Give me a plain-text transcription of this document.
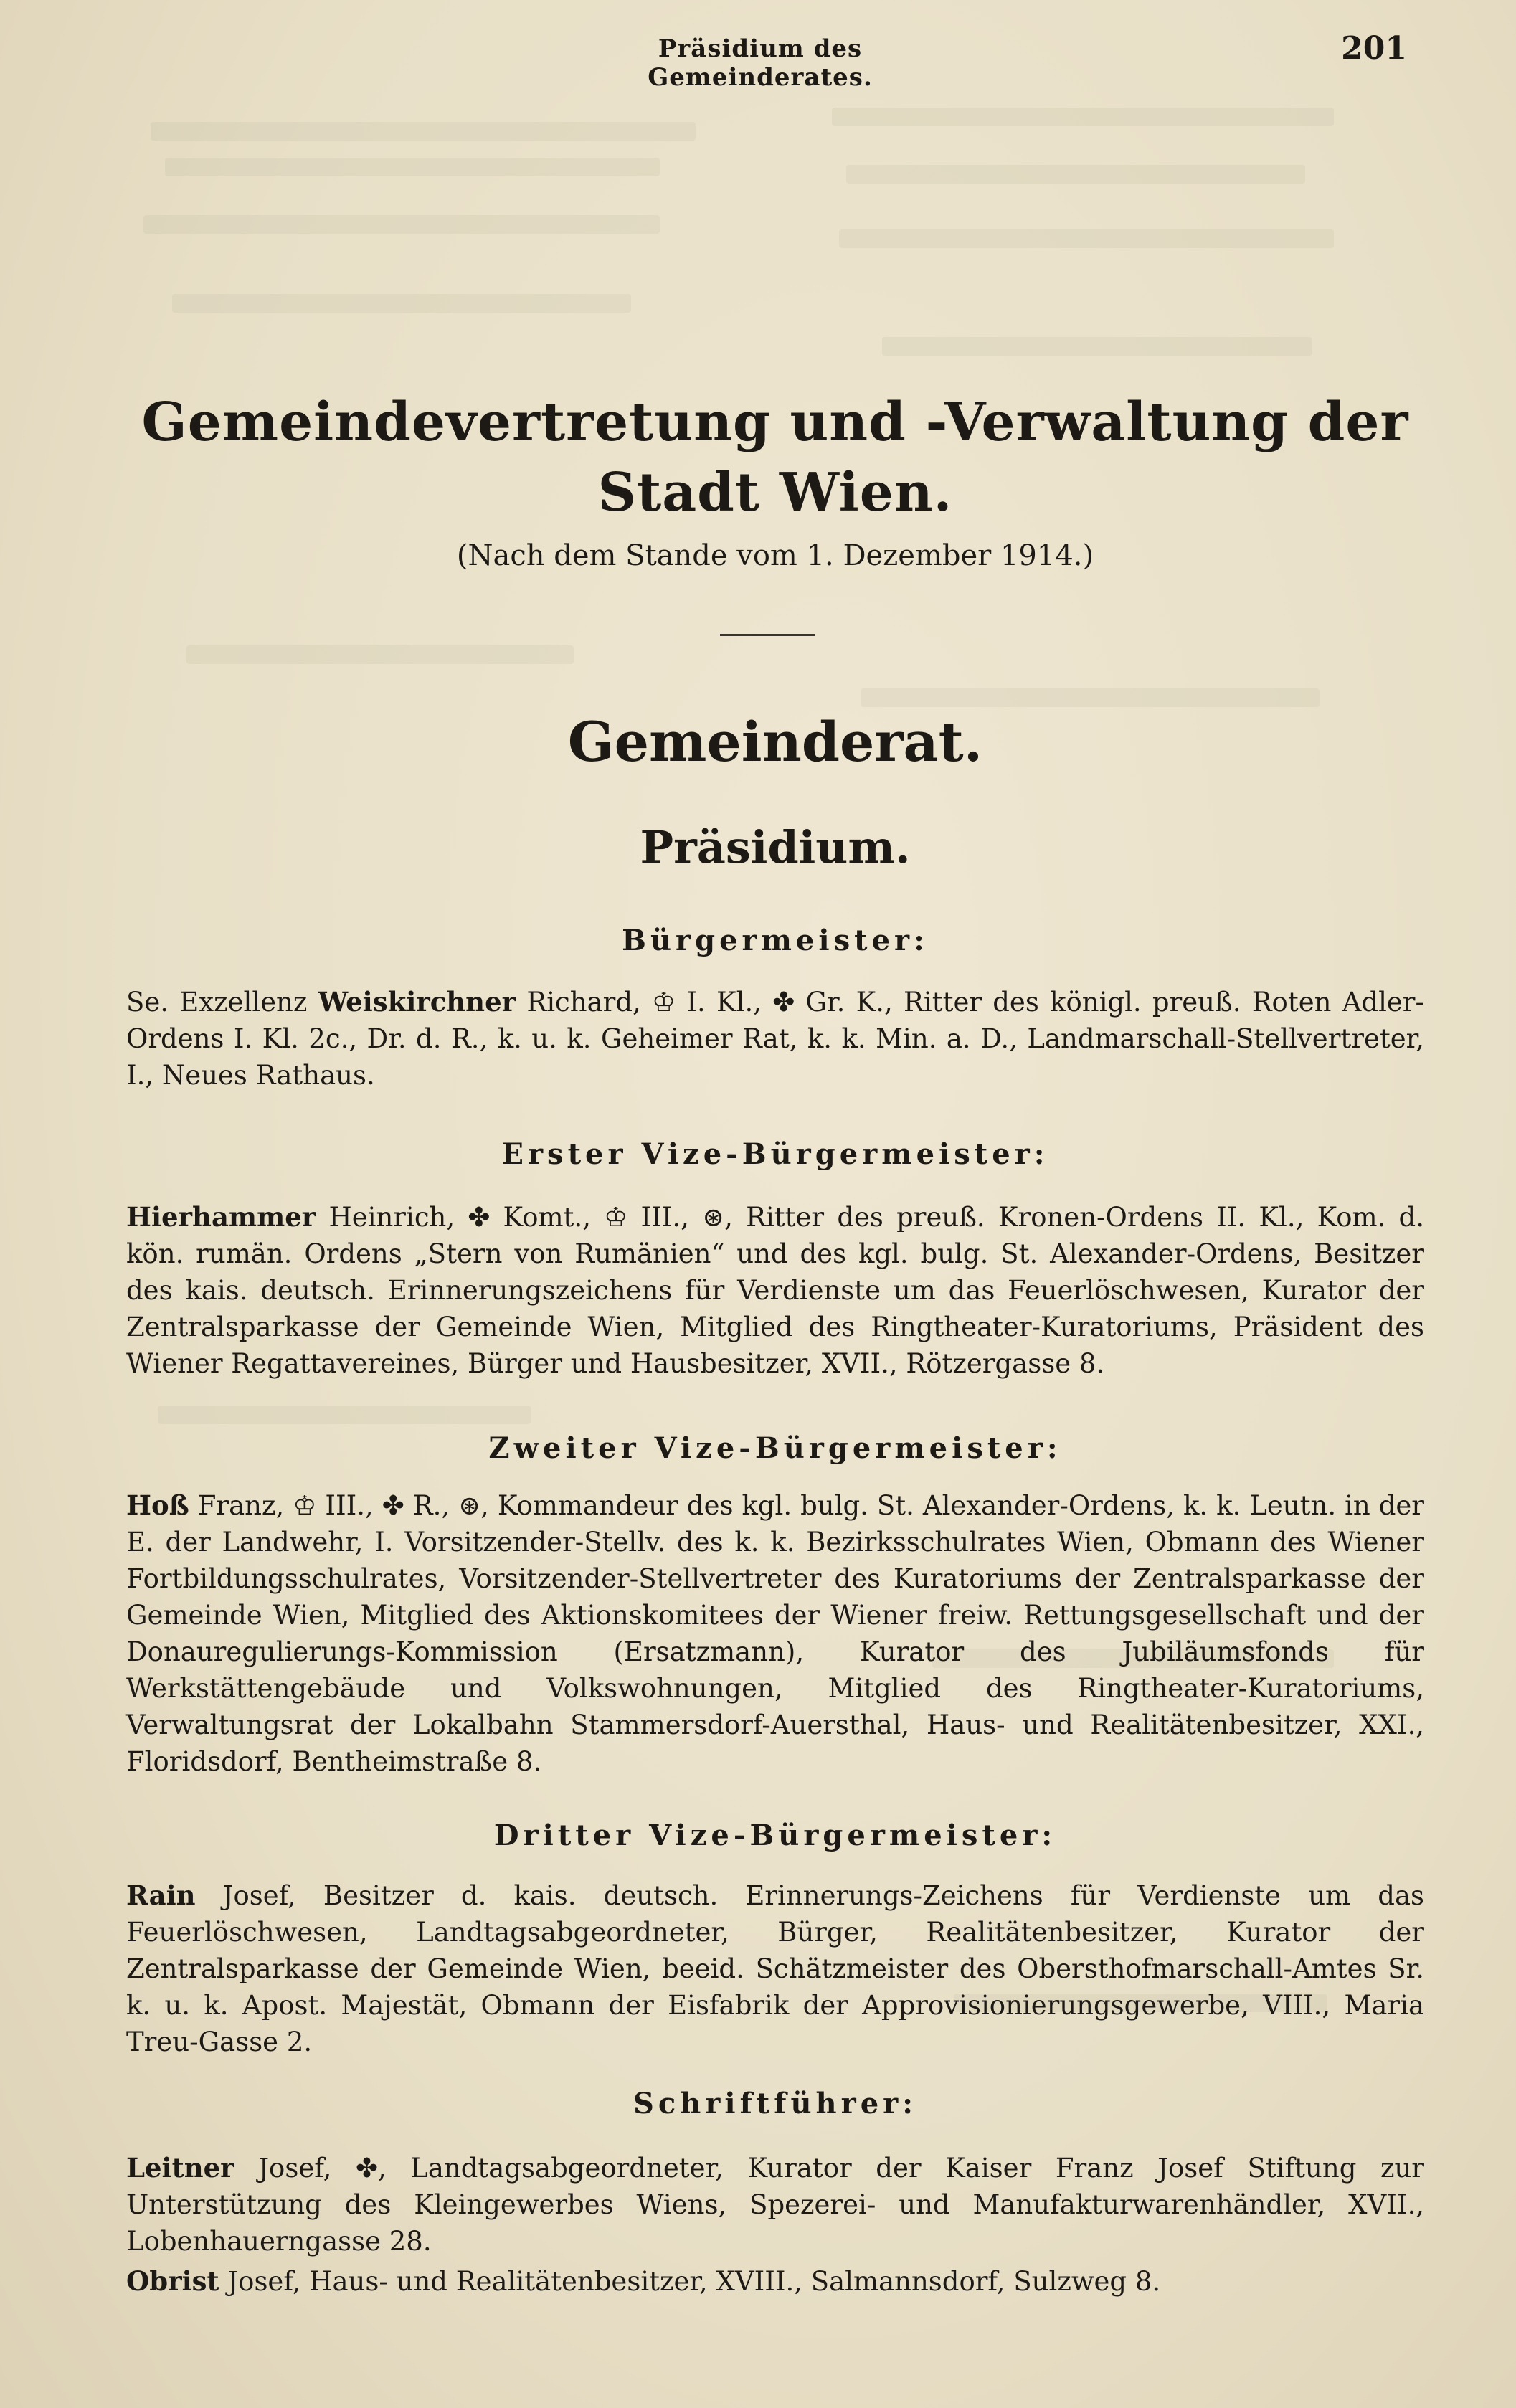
Präsidium des Gemeinderates.
201
Gemeindevertretung und -Verwaltung der Stadt Wien.
(Nach dem Stande vom 1. Dezember 1914.)
Gemeinderat.
Präsidium.
Bürgermeister:
Se. Exzellenz Weiskirchner Richard, ♔ I. Kl., ✤ Gr. K., Ritter des königl. preuß. Roten Adler-Ordens I. Kl. 2c., Dr. d. R., k. u. k. Geheimer Rat, k. k. Min. a. D., Landmarschall-Stellvertreter, I., Neues Rathaus.
Erster Vize-Bürgermeister:
Hierhammer Heinrich, ✤ Komt., ♔ III., ⊛, Ritter des preuß. Kronen-Ordens II. Kl., Kom. d. kön. rumän. Ordens „Stern von Rumänien“ und des kgl. bulg. St. Alexander-Ordens, Besitzer des kais. deutsch. Erinnerungszeichens für Verdienste um das Feuerlöschwesen, Kurator der Zentralsparkasse der Gemeinde Wien, Mitglied des Ringtheater-Kuratoriums, Präsident des Wiener Regattavereines, Bürger und Hausbesitzer, XVII., Rötzergasse 8.
Zweiter Vize-Bürgermeister:
Hoß Franz, ♔ III., ✤ R., ⊛, Kommandeur des kgl. bulg. St. Alexander-Ordens, k. k. Leutn. in der E. der Landwehr, I. Vorsitzender-Stellv. des k. k. Bezirksschulrates Wien, Obmann des Wiener Fortbildungsschulrates, Vorsitzender-Stellvertreter des Kuratoriums der Zentralsparkasse der Gemeinde Wien, Mitglied des Aktionskomitees der Wiener freiw. Rettungsgesellschaft und der Donauregulierungs-Kommission (Ersatzmann), Kurator des Jubiläumsfonds für Werkstättengebäude und Volkswohnungen, Mitglied des Ringtheater-Kuratoriums, Verwaltungsrat der Lokalbahn Stammersdorf-Auersthal, Haus- und Realitätenbesitzer, XXI., Floridsdorf, Bentheimstraße 8.
Dritter Vize-Bürgermeister:
Rain Josef, Besitzer d. kais. deutsch. Erinnerungs-Zeichens für Verdienste um das Feuerlöschwesen, Landtagsabgeordneter, Bürger, Realitätenbesitzer, Kurator der Zentralsparkasse der Gemeinde Wien, beeid. Schätzmeister des Obersthofmarschall-Amtes Sr. k. u. k. Apost. Majestät, Obmann der Eisfabrik der Approvisionierungsgewerbe, VIII., Maria Treu-Gasse 2.
Schriftführer:
Leitner Josef, ✤, Landtagsabgeordneter, Kurator der Kaiser Franz Josef Stiftung zur Unterstützung des Kleingewerbes Wiens, Spezerei- und Manufakturwarenhändler, XVII., Lobenhauerngasse 28.
Obrist Josef, Haus- und Realitätenbesitzer, XVIII., Salmannsdorf, Sulzweg 8.
